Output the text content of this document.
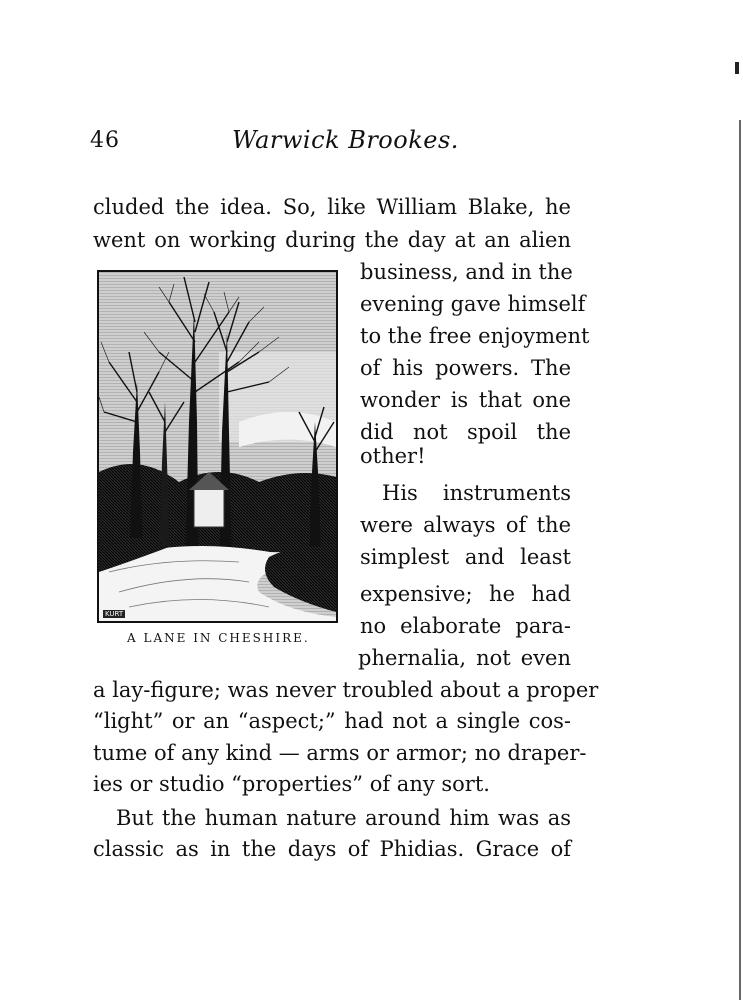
46	Warwick Brookes.
cluded the idea. So, like William Blake, he
went on working during the day at an alien
business, and in the
evening gave himself
to the free enjoyment
of his powers. The
wonder is that one
did not spoil the
other!
His instruments
were always of the
simplest and least
expensive; he had
no elaborate para-
phernalia, not even
a lay-figure; was never troubled about a proper
“light” or an “aspect;” had not a single cos-
tume of any kind — arms or armor; no draper-
ies or studio “properties” of any sort.
But the human nature around him was as
classic as in the days of Phidias. Grace of
KURT
A LANE IN CHESHIRE.
